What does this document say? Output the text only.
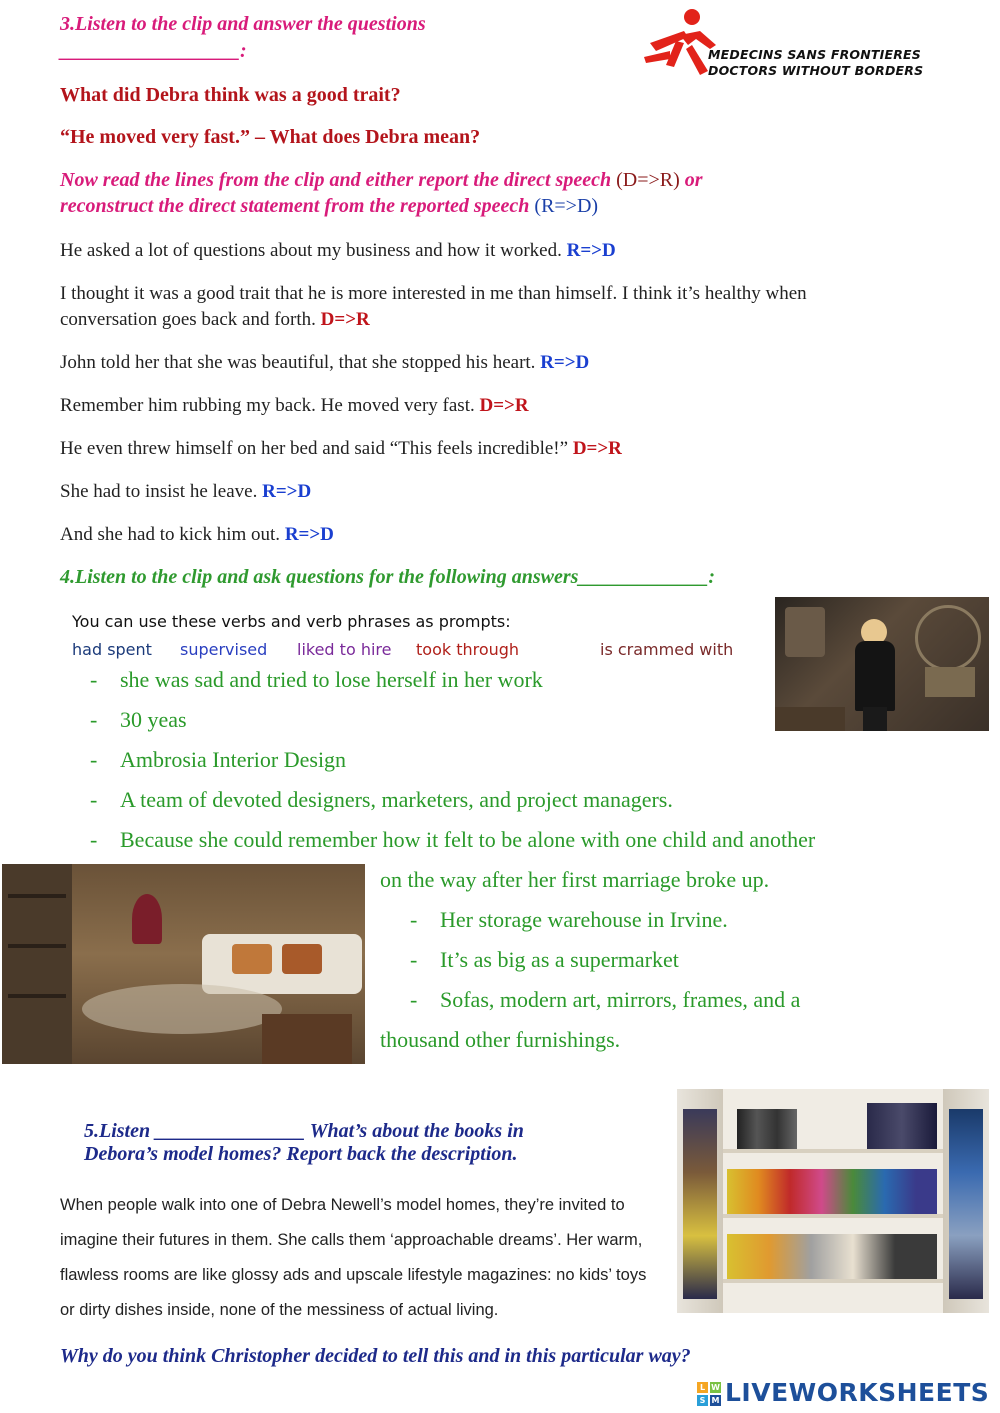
3.Listen to the clip and answer the questions
__________________:	MEDECINS SANS FRONTIERES
DOCTORS WITHOUT BORDERS
What did Debra think was a good trait?
“He moved very fast.” – What does Debra mean?
Now read the lines from the clip and either report the direct speech (D=>R) or
reconstruct the direct statement from the reported speech (R=>D)
He asked a lot of questions about my business and how it worked. R=>D
I thought it was a good trait that he is more interested in me than himself. I think it’s healthy when
conversation goes back and forth. D=>R
John told her that she was beautiful, that she stopped his heart. R=>D
Remember him rubbing my back. He moved very fast. D=>R
He even threw himself on her bed and said “This feels incredible!” D=>R
She had to insist he leave. R=>D
And she had to kick him out. R=>D
4.Listen to the clip and ask questions for the following answers_____________:
You can use these verbs and verb phrases as prompts:
had spent supervised liked to hire took through	is crammed with
- she was sad and tried to lose herself in her work
- 30 yeas
- Ambrosia Interior Design
- A team of devoted designers, marketers, and project managers.
- Because she could remember how it felt to be alone with one child and another
on the way after her first marriage broke up.
- Her storage warehouse in Irvine.
- It’s as big as a supermarket
- Sofas, modern art, mirrors, frames, and a
thousand other furnishings.
5.Listen _______________ What’s about the books in
Debora’s model homes? Report back the description.
When people walk into one of Debra Newell’s model homes, they’re invited to
imagine their futures in them. She calls them ‘approachable dreams’. Her warm,
flawless rooms are like glossy ads and upscale lifestyle magazines: no kids’ toys
or dirty dishes inside, none of the messiness of actual living.
Why do you think Christopher decided to tell this and in this particular way?
L W
S M LIVEWORKSHEETS
